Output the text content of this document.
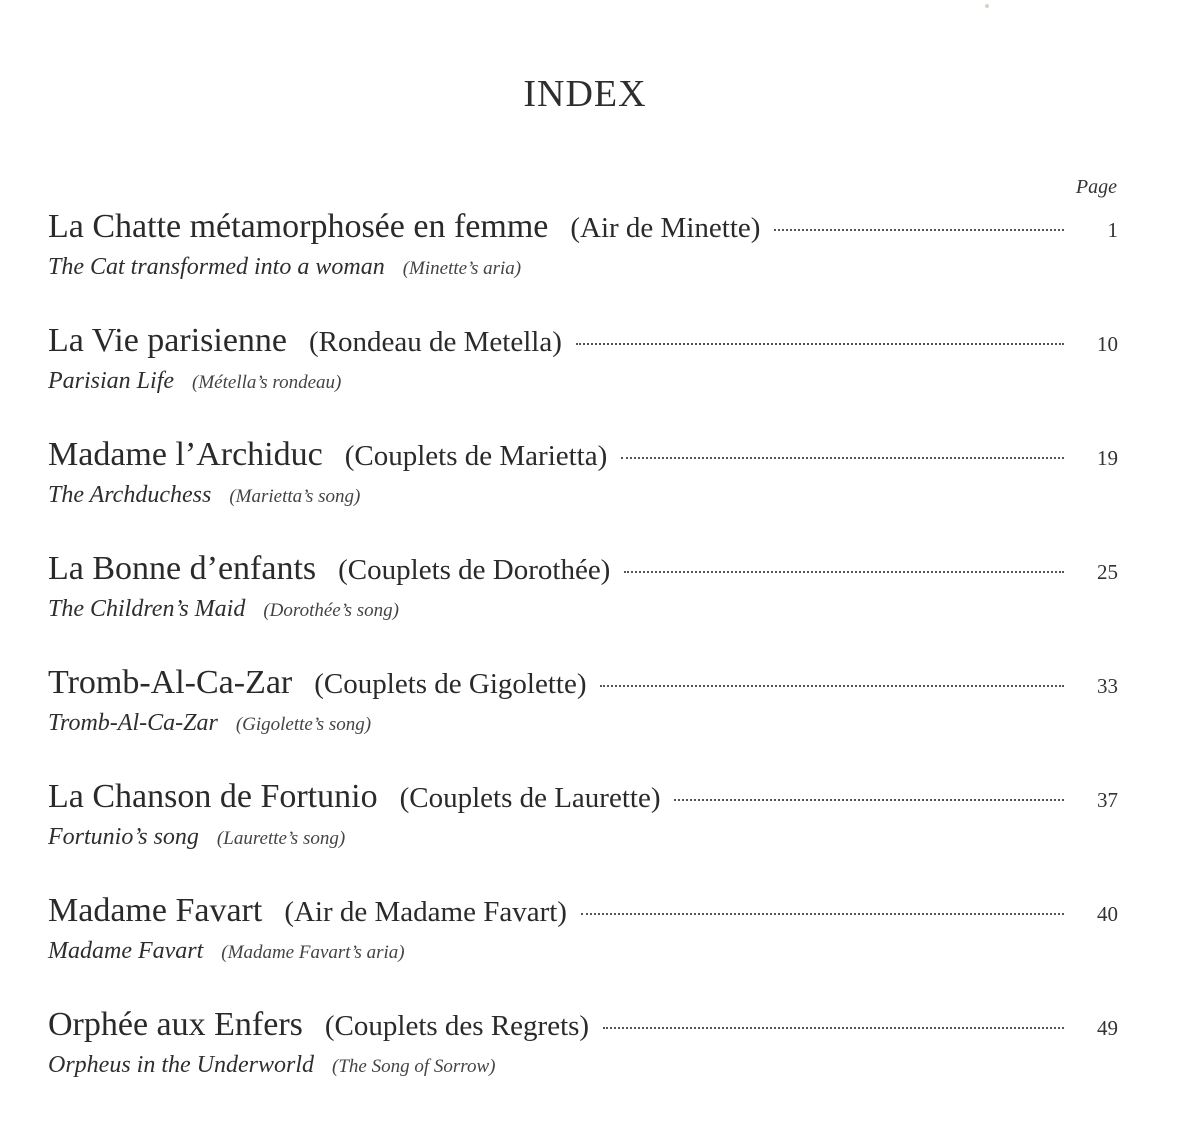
INDEX
Page
La Chatte métamorphosée en femme (Air de Minette)	1
The Cat transformed into a woman (Minette’s aria)
La Vie parisienne (Rondeau de Metella)	10
Parisian Life (Métella’s rondeau)
Madame l’Archiduc (Couplets de Marietta)	19
The Archduchess (Marietta’s song)
La Bonne d’enfants (Couplets de Dorothée)	25
The Children’s Maid (Dorothée’s song)
Tromb-Al-Ca-Zar (Couplets de Gigolette)	33
Tromb-Al-Ca-Zar (Gigolette’s song)
La Chanson de Fortunio (Couplets de Laurette)	37
Fortunio’s song (Laurette’s song)
Madame Favart (Air de Madame Favart)	40
Madame Favart (Madame Favart’s aria)
Orphée aux Enfers (Couplets des Regrets)	49
Orpheus in the Underworld (The Song of Sorrow)
